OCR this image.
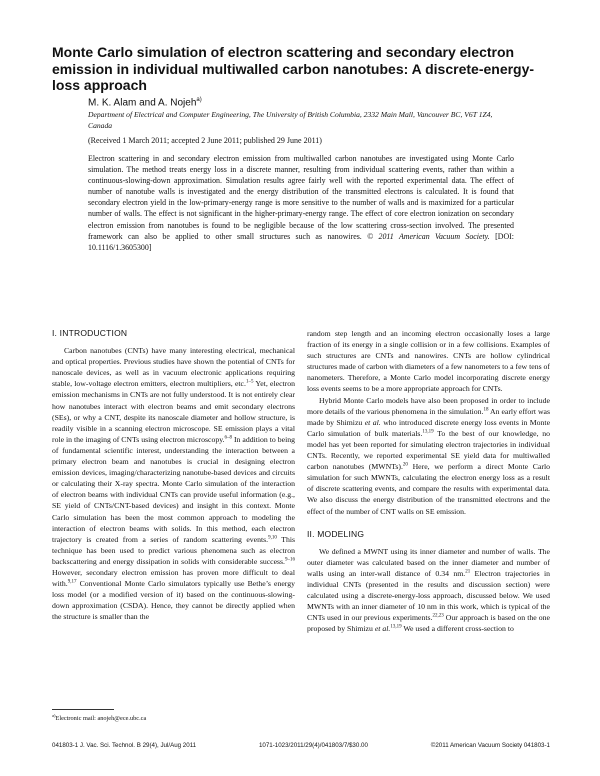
Monte Carlo simulation of electron scattering and secondary electron emission in individual multiwalled carbon nanotubes: A discrete-energy-loss approach
M. K. Alam and A. Nojeh$^{a)}$
Department of Electrical and Computer Engineering, The University of British Columbia, 2332 Main Mall, Vancouver BC, V6T 1Z4, Canada
(Received 1 March 2011; accepted 2 June 2011; published 29 June 2011)
Electron scattering in and secondary electron emission from multiwalled carbon nanotubes are investigated using Monte Carlo simulation. The method treats energy loss in a discrete manner, resulting from individual scattering events, rather than within a continuous-slowing-down approximation. Simulation results agree fairly well with the reported experimental data. The effect of number of nanotube walls is investigated and the energy distribution of the transmitted electrons is calculated. It is found that secondary electron yield in the low-primary-energy range is more sensitive to the number of walls and is maximized for a particular number of walls. The effect is not significant in the higher-primary-energy range. The effect of core electron ionization on secondary electron emission from nanotubes is found to be negligible because of the low scattering cross-section involved. The presented framework can also be applied to other small structures such as nanowires. © 2011 American Vacuum Society. [DOI: 10.1116/1.3605300]
I. INTRODUCTION

Carbon nanotubes (CNTs) have many interesting electrical, mechanical and optical properties. Previous studies have shown the potential of CNTs for nanoscale devices, as well as in vacuum electronic applications requiring stable, low-voltage electron emitters, electron multipliers, etc.$^{1-5}$ Yet, electron emission mechanisms in CNTs are not fully understood. It is not entirely clear how nanotubes interact with electron beams and emit secondary electrons (SEs), or why a CNT, despite its nanoscale diameter and hollow structure, is readily visible in a scanning electron microscope. SE emission plays a vital role in the imaging of CNTs using electron microscopy.$^{6-8}$ In addition to being of fundamental scientific interest, understanding the interaction between a primary electron beam and nanotubes is crucial in designing electron emission devices, imaging/characterizing nanotube-based devices and circuits or calculating their X-ray spectra. Monte Carlo simulation of the interaction of electron beams with individual CNTs can provide useful information (e.g., SE yield of CNTs/CNT-based devices) and insight in this context. Monte Carlo simulation has been the most common approach to modeling the interaction of electron beams with solids. In this method, each electron trajectory is created from a series of random scattering events.$^{9,10}$ This technique has been used to predict various phenomena such as electron backscattering and energy dissipation in solids with considerable success.$^{9-16}$ However, secondary electron emission has proven more difficult to deal with.$^{9,17}$ Conventional Monte Carlo simulators typically use Bethe’s energy loss model (or a modified version of it) based on the continuous-slowing-down approximation (CSDA). Hence, they cannot be directly applied when the structure is smaller than the

random step length and an incoming electron occasionally loses a large fraction of its energy in a single collision or in a few collisions. Examples of such structures are CNTs and nanowires. CNTs are hollow cylindrical structures made of carbon with diameters of a few nanometers to a few tens of nanometers. Therefore, a Monte Carlo model incorporating discrete energy loss events seems to be a more appropriate approach for CNTs.

Hybrid Monte Carlo models have also been proposed in order to include more details of the various phenomena in the simulation.$^{18}$ An early effort was made by Shimizu et al. who introduced discrete energy loss events in Monte Carlo simulation of bulk materials.$^{13,19}$ To the best of our knowledge, no model has yet been reported for simulating electron trajectories in individual CNTs. Recently, we reported experimental SE yield data for multiwalled carbon nanotubes (MWNTs).$^{20}$ Here, we perform a direct Monte Carlo simulation for such MWNTs, calculating the electron energy loss as a result of discrete scattering events, and compare the results with experimental data. We also discuss the energy distribution of the transmitted electrons and the effect of the number of CNT walls on SE emission.

II. MODELING

We defined a MWNT using its inner diameter and number of walls. The outer diameter was calculated based on the inner diameter and number of walls using an inter-wall distance of 0.34 nm.$^{21}$ Electron trajectories in individual CNTs (presented in the results and discussion section) were calculated using a discrete-energy-loss approach, discussed below. We used MWNTs with an inner diameter of 10 nm in this work, which is typical of the CNTs used in our previous experiments.$^{22,23}$ Our approach is based on the one proposed by Shimizu et al.$^{13,19}$ We used a different cross-section to

$^{a)}$Electronic mail: anojeh@ece.ubc.ca
041803-1 J. Vac. Sci. Technol. B 29(4), Jul/Aug 2011	1071-1023/2011/29(4)/041803/7/$30.00	©2011 American Vacuum Society 041803-1
